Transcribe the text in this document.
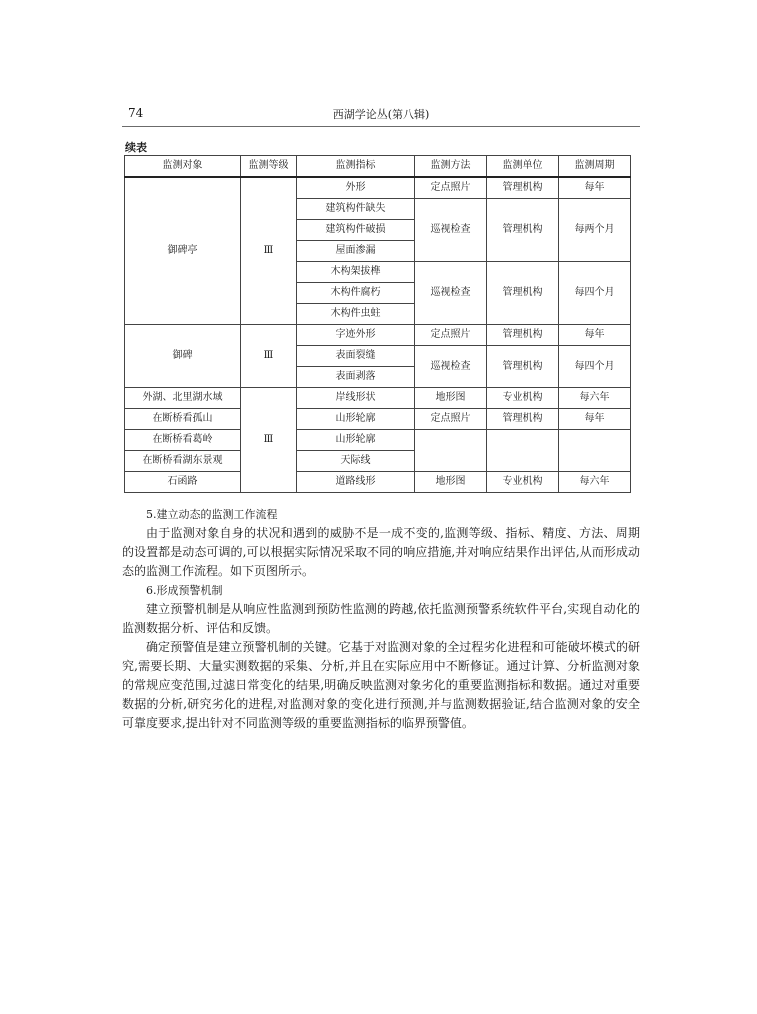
74	西湖学论丛(第八辑)
续表
监测对象	监测等级	监测指标	监测方法	监测单位	监测周期
御碑亭	Ⅲ	外形	定点照片	管理机构	每年
		建筑构件缺失	巡视检查	管理机构	每两个月
		建筑构件破损			
		屋面渗漏			
		木构架拔榫	巡视检查	管理机构	每四个月
		木构件腐朽			
		木构件虫蛀			
御碑	Ⅲ	字迹外形	定点照片	管理机构	每年
		表面裂缝	巡视检查	管理机构	每四个月
		表面剥落			
外湖、北里湖水域	Ⅲ	岸线形状	地形图	专业机构	每六年
在断桥看孤山		山形轮廓	定点照片	管理机构	每年
在断桥看葛岭		山形轮廓			
在断桥看湖东景观		天际线			
石函路		道路线形	地形图	专业机构	每六年

5.建立动态的监测工作流程

由于监测对象自身的状况和遇到的威胁不是一成不变的,监测等级、指标、精度、方法、周期的设置都是动态可调的,可以根据实际情况采取不同的响应措施,并对响应结果作出评估,从而形成动态的监测工作流程。如下页图所示。

6.形成预警机制

建立预警机制是从响应性监测到预防性监测的跨越,依托监测预警系统软件平台,实现自动化的监测数据分析、评估和反馈。

确定预警值是建立预警机制的关键。它基于对监测对象的全过程劣化进程和可能破坏模式的研究,需要长期、大量实测数据的采集、分析,并且在实际应用中不断修证。通过计算、分析监测对象的常规应变范围,过滤日常变化的结果,明确反映监测对象劣化的重要监测指标和数据。通过对重要数据的分析,研究劣化的进程,对监测对象的变化进行预测,并与监测数据验证,结合监测对象的安全可靠度要求,提出针对不同监测等级的重要监测指标的临界预警值。
